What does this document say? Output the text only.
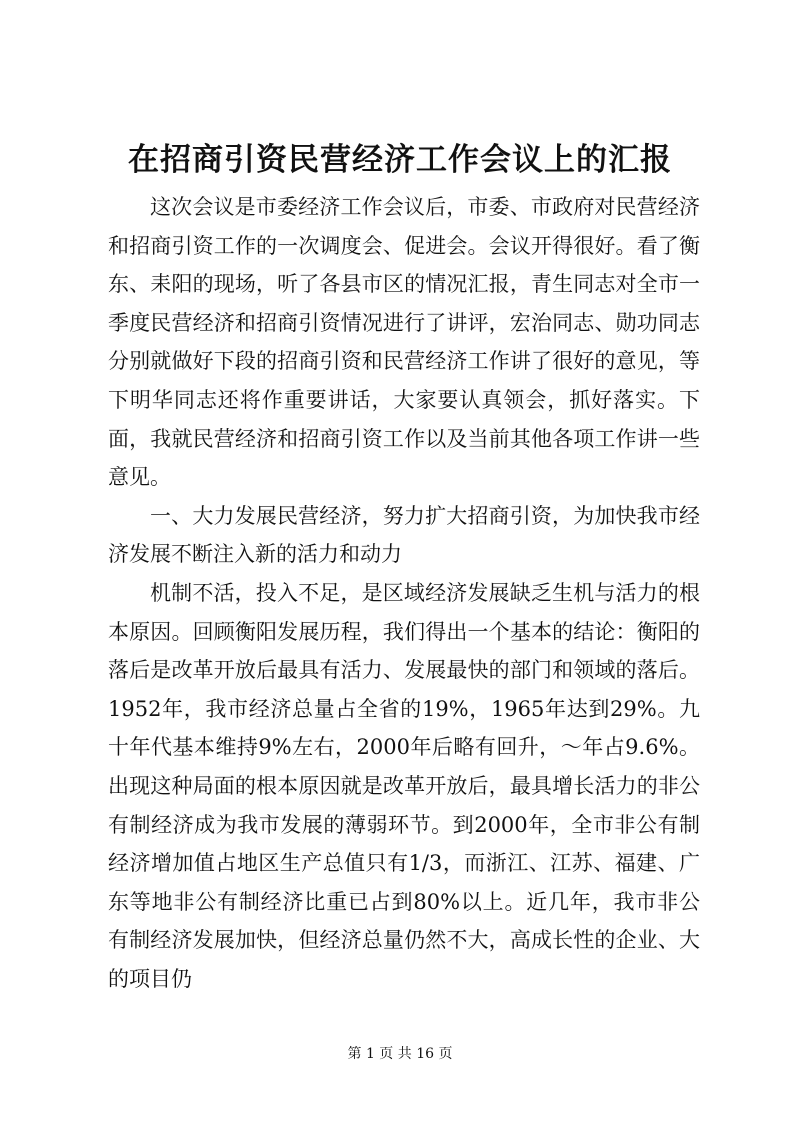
在招商引资民营经济工作会议上的汇报

这次会议是市委经济工作会议后，市委、市政府对民营经济和招商引资工作的一次调度会、促进会。会议开得很好。看了衡东、耒阳的现场，听了各县市区的情况汇报，青生同志对全市一季度民营经济和招商引资情况进行了讲评，宏治同志、勋功同志分别就做好下段的招商引资和民营经济工作讲了很好的意见，等下明华同志还将作重要讲话，大家要认真领会，抓好落实。下面，我就民营经济和招商引资工作以及当前其他各项工作讲一些意见。

一、大力发展民营经济，努力扩大招商引资，为加快我市经济发展不断注入新的活力和动力

机制不活，投入不足，是区域经济发展缺乏生机与活力的根本原因。回顾衡阳发展历程，我们得出一个基本的结论：衡阳的落后是改革开放后最具有活力、发展最快的部门和领域的落后。1952年，我市经济总量占全省的19%，1965年达到29%。九十年代基本维持9%左右，2000年后略有回升，～年占9.6%。出现这种局面的根本原因就是改革开放后，最具增长活力的非公有制经济成为我市发展的薄弱环节。到2000年，全市非公有制经济增加值占地区生产总值只有1/3，而浙江、江苏、福建、广东等地非公有制经济比重已占到80%以上。近几年，我市非公有制经济发展加快，但经济总量仍然不大，高成长性的企业、大的项目仍

第 1 页 共 16 页
